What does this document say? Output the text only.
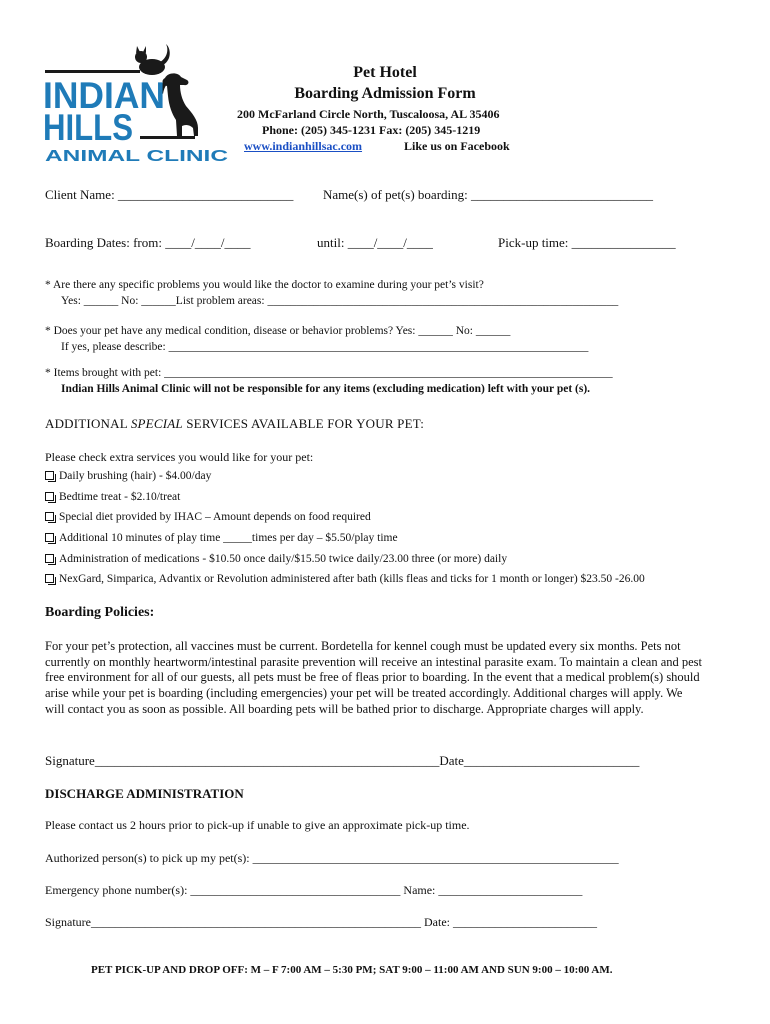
INDIAN
HILLS
ANIMAL CLINIC
Pet Hotel
Boarding Admission Form
200 McFarland Circle North, Tuscaloosa, AL 35406
Phone: (205) 345-1231 Fax: (205) 345-1219
www.indianhillsac.com	Like us on Facebook
Client Name: ___________________________ Name(s) of pet(s) boarding: ____________________________
Boarding Dates: from: ____/____/____	until: ____/____/____	Pick-up time: ________________
* Are there any specific problems you would like the doctor to examine during your pet’s visit?
Yes: ______ No: ______List problem areas: _____________________________________________________________
* Does your pet have any medical condition, disease or behavior problems? Yes: ______ No: ______
If yes, please describe: _________________________________________________________________________
* Items brought with pet: ______________________________________________________________________________
Indian Hills Animal Clinic will not be responsible for any items (excluding medication) left with your pet (s).
ADDITIONAL SPECIAL SERVICES AVAILABLE FOR YOUR PET:
Please check extra services you would like for your pet:
Daily brushing (hair) - $4.00/day
Bedtime treat - $2.10/treat
Special diet provided by IHAC – Amount depends on food required
Additional 10 minutes of play time _____times per day – $5.50/play time
Administration of medications - $10.50 once daily/$15.50 twice daily/23.00 three (or more) daily
NexGard, Simparica, Advantix or Revolution administered after bath (kills fleas and ticks for 1 month or longer) $23.50 -26.00
Boarding Policies:
For your pet’s protection, all vaccines must be current. Bordetella for kennel cough must be updated every six months. Pets not currently on monthly heartworm/intestinal parasite prevention will receive an intestinal parasite exam. To maintain a clean and pest free environment for all of our guests, all pets must be free of fleas prior to boarding. In the event that a medical problem(s) should arise while your pet is boarding (including emergencies) your pet will be treated accordingly. Additional charges will apply. We will contact you as soon as possible. All boarding pets will be bathed prior to discharge. Appropriate charges will apply.
Signature_____________________________________________________Date___________________________
DISCHARGE ADMINISTRATION
Please contact us 2 hours prior to pick-up if unable to give an approximate pick-up time.
Authorized person(s) to pick up my pet(s): _____________________________________________________________
Emergency phone number(s): ___________________________________ Name: ________________________
Signature_______________________________________________________ Date: ________________________
PET PICK-UP AND DROP OFF: M – F 7:00 AM – 5:30 PM; SAT 9:00 – 11:00 AM AND SUN 9:00 – 10:00 AM.
